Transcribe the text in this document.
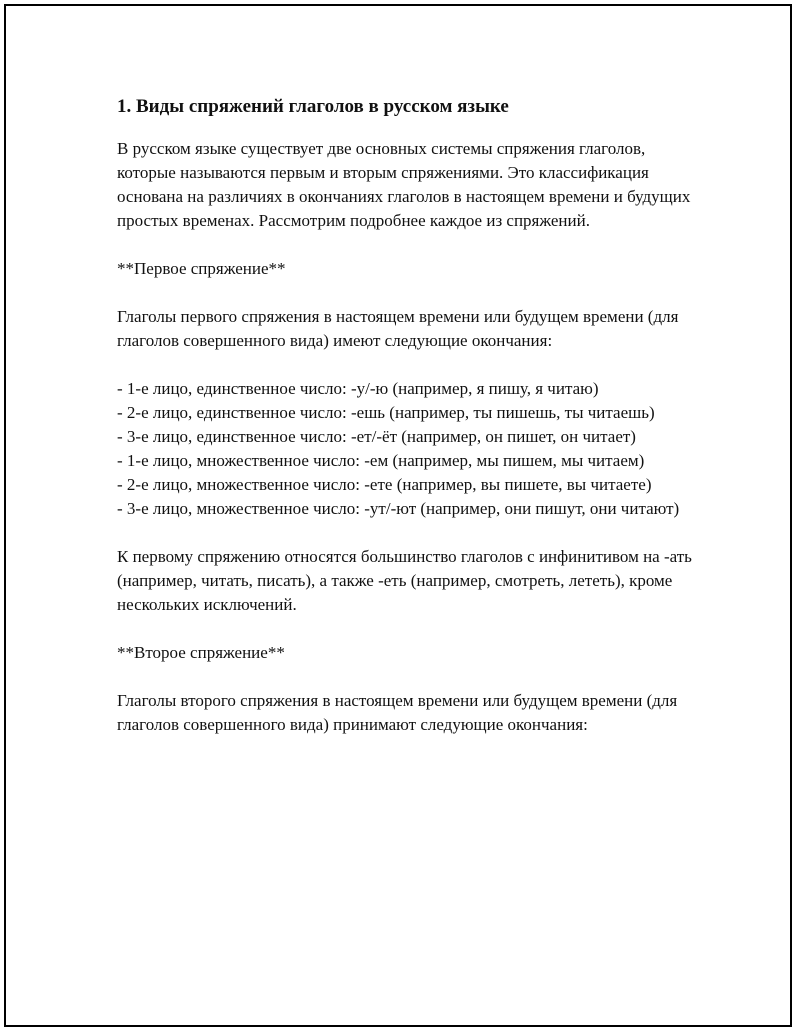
1. Виды спряжений глаголов в русском языке

В русском языке существует две основных системы спряжения глаголов, которые называются первым и вторым спряжениями. Это классификация основана на различиях в окончаниях глаголов в настоящем времени и будущих простых временах. Рассмотрим подробнее каждое из спряжений.

**Первое спряжение**

Глаголы первого спряжения в настоящем времени или будущем времени (для глаголов совершенного вида) имеют следующие окончания:

- 1-е лицо, единственное число: -у/-ю (например, я пишу, я читаю)
- 2-е лицо, единственное число: -ешь (например, ты пишешь, ты читаешь)
- 3-е лицо, единственное число: -ет/-ёт (например, он пишет, он читает)
- 1-е лицо, множественное число: -ем (например, мы пишем, мы читаем)
- 2-е лицо, множественное число: -ете (например, вы пишете, вы читаете)
- 3-е лицо, множественное число: -ут/-ют (например, они пишут, они читают)

К первому спряжению относятся большинство глаголов с инфинитивом на -ать (например, читать, писать), а также -еть (например, смотреть, лететь), кроме нескольких исключений.

**Второе спряжение**

Глаголы второго спряжения в настоящем времени или будущем времени (для глаголов совершенного вида) принимают следующие окончания:
